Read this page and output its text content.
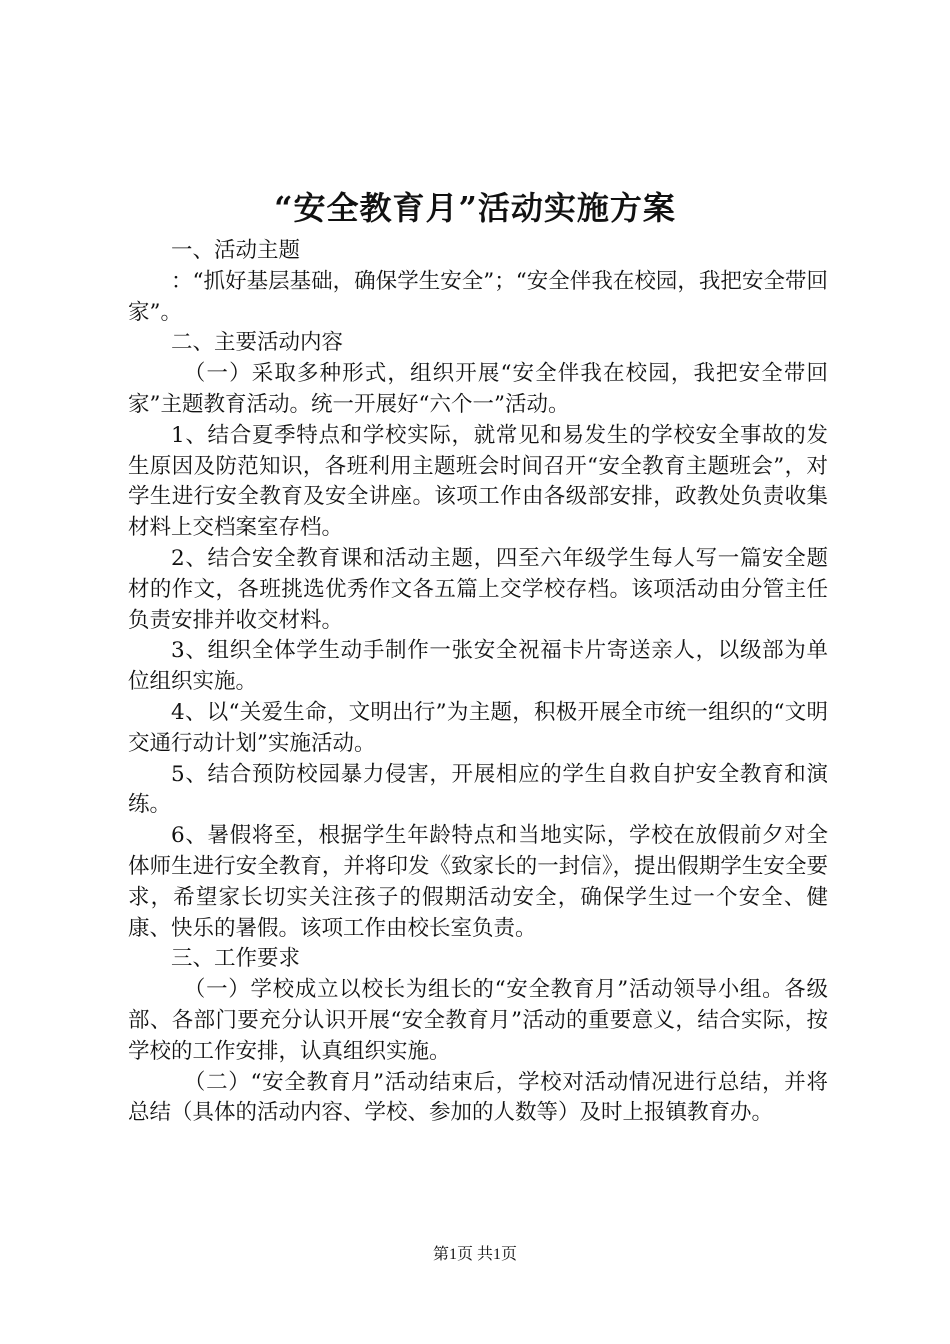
“安全教育月”活动实施方案

一、活动主题

：“抓好基层基础，确保学生安全”；“安全伴我在校园，我把安全带回家”。

二、主要活动内容

（一）采取多种形式，组织开展“安全伴我在校园，我把安全带回家”主题教育活动。统一开展好“六个一”活动。

1、结合夏季特点和学校实际，就常见和易发生的学校安全事故的发生原因及防范知识，各班利用主题班会时间召开“安全教育主题班会”，对学生进行安全教育及安全讲座。该项工作由各级部安排，政教处负责收集材料上交档案室存档。

2、结合安全教育课和活动主题，四至六年级学生每人写一篇安全题材的作文，各班挑选优秀作文各五篇上交学校存档。该项活动由分管主任负责安排并收交材料。

3、组织全体学生动手制作一张安全祝福卡片寄送亲人，以级部为单位组织实施。

4、以“关爱生命，文明出行”为主题，积极开展全市统一组织的“文明交通行动计划”实施活动。

5、结合预防校园暴力侵害，开展相应的学生自救自护安全教育和演练。

6、暑假将至，根据学生年龄特点和当地实际，学校在放假前夕对全体师生进行安全教育，并将印发《致家长的一封信》，提出假期学生安全要求，希望家长切实关注孩子的假期活动安全，确保学生过一个安全、健康、快乐的暑假。该项工作由校长室负责。

三、工作要求

（一）学校成立以校长为组长的“安全教育月”活动领导小组。各级部、各部门要充分认识开展“安全教育月”活动的重要意义，结合实际，按学校的工作安排，认真组织实施。

（二）“安全教育月”活动结束后，学校对活动情况进行总结，并将总结（具体的活动内容、学校、参加的人数等）及时上报镇教育办。

第1页 共1页
